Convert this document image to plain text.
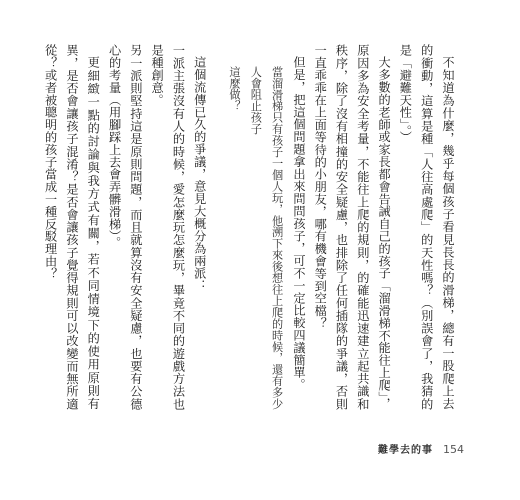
不知道為什麼，幾乎每個孩子看見長長的滑梯，總有一股爬上去的衝動，這算是種「人往高處爬」的天性嗎？（別誤會了，我猜的是「避難天性」。）

大多數的老師或家長都會告誡自己的孩子「溜滑梯不能往上爬」，原因多為安全考量，不能往上爬的規則，的確能迅速建立起共識和秩序，除了沒有相撞的安全疑慮，也排除了任何插隊的爭議，否則一直乖乖在上面等待的小朋友，哪有機會等到空檔？

但是，把這個問題拿出來問問孩子，可不一定比較四議簡單。

當溜滑梯只有孩子一個人玩，他溯下來後想往上爬的時候，還有多少人會阻止孩子

這麼做？

這個流傳已久的爭議，意見大概分為兩派：

一派主張沒有人的時候，愛怎麼玩怎麼玩，畢竟不同的遊戲方法也是種創意。

另一派則堅持這是原則問題，而且就算沒有安全疑慮，也要有公德心的考量（用腳踩上去會弄髒滑梯）。

更細緻一點的討論與我方式有關，若不同情境下的使用原則有異，是否會讓孩子混淆？是否會讓孩子覺得規則可以改變而無所適從？或者被聰明的孩子當成一種反駁理由？

難學去的事 154
